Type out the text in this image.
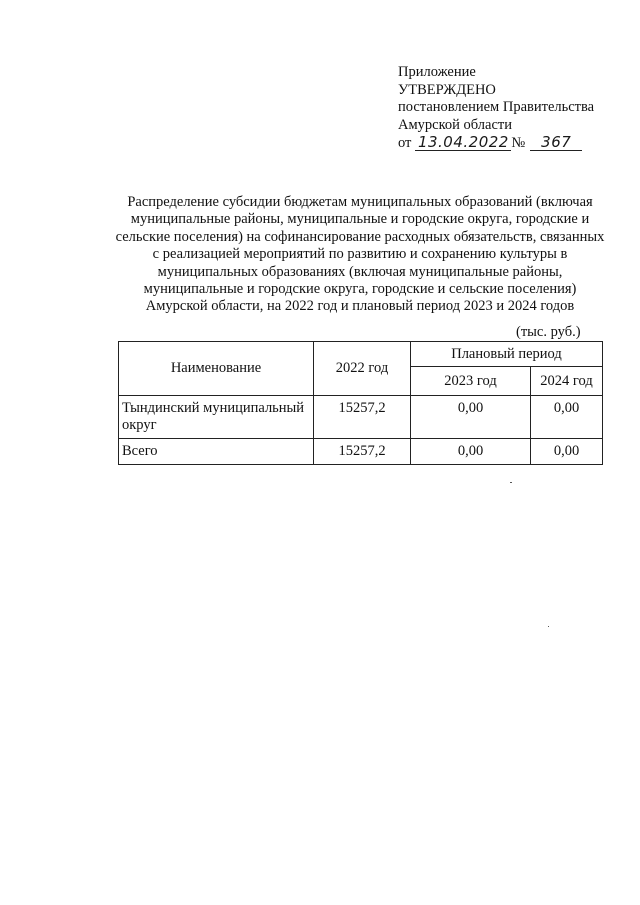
Приложение
УТВЕРЖДЕНО
постановлением Правительства
Амурской области
от 13.04.2022 №	367
Распределение субсидии бюджетам муниципальных образований (включая
муниципальные районы, муниципальные и городские округа, городские и
сельские поселения) на софинансирование расходных обязательств, связанных
с реализацией мероприятий по развитию и сохранению культуры в
муниципальных образованиях (включая муниципальные районы,
муниципальные и городские округа, городские и сельские поселения)
Амурской области, на 2022 год и плановый период 2023 и 2024 годов
(тыс. руб.)
Наименование	2022 год	Плановый период	
		2023 год	2024 год

Тындинский муниципальный округ	15257,2	0,00	0,00

Всего	15257,2	0,00	0,00
